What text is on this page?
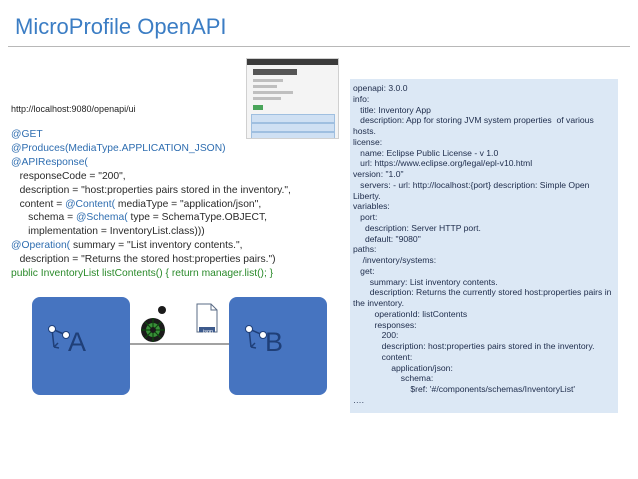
MicroProfile OpenAPI
http://localhost:9080/openapi/ui
@GET
@Produces(MediaType.APPLICATION_JSON)
@APIResponse(
responseCode = "200",
description = "host:properties pairs stored in the inventory.",
content = @Content( mediaType = "application/json",
schema = @Schema( type = SchemaType.OBJECT,
implementation = InventoryList.class)))
@Operation( summary = "List inventory contents.",
description = "Returns the stored host:properties pairs.")
public InventoryList listContents() { return manager.list(); }
openapi: 3.0.0
info:
title: Inventory App
description: App for storing JVM system properties  of various hosts.
license:
name: Eclipse Public License - v 1.0
url: https://www.eclipse.org/legal/epl-v10.html
version: "1.0"
servers: - url: http://localhost:{port} description: Simple Open Liberty.
variables:
port:
description: Server HTTP port.
default: "9080"
paths:
/inventory/systems:
get:
summary: List inventory contents.
description: Returns the currently stored host:properties pairs in the inventory.
operationId: listContents
responses:
200:
description: host:properties pairs stored in the inventory.
content:
application/json:
schema:
$ref: '#/components/schemas/InventoryList'
….
A	B
json
